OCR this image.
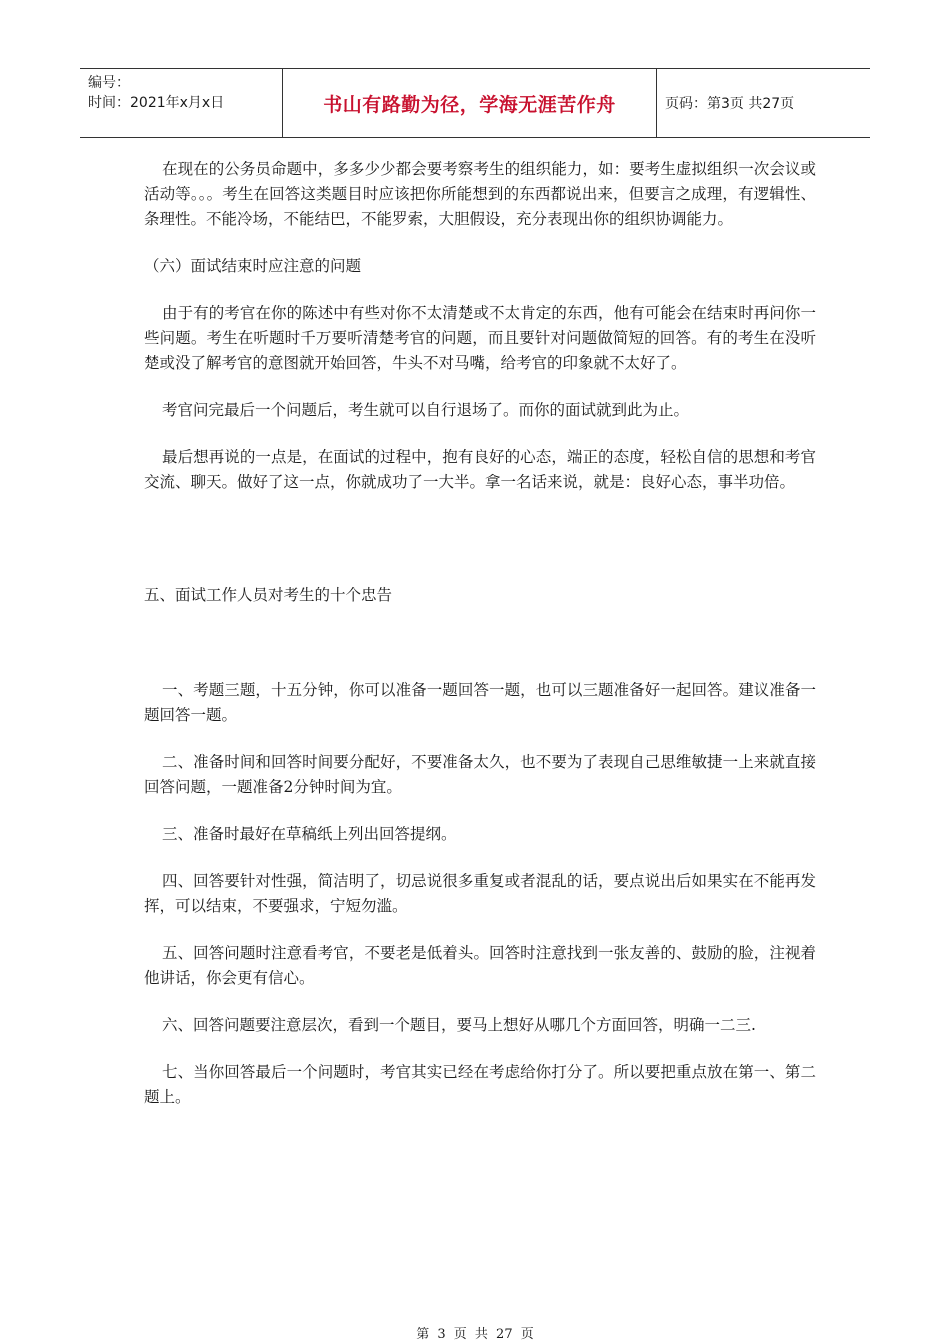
编号：
时间：2021年x月x日	书山有路勤为径，学海无涯苦作舟	页码：第3页 共27页

在现在的公务员命题中，多多少少都会要考察考生的组织能力，如：要考生虚拟组织一次会议或活动等。。。考生在回答这类题目时应该把你所能想到的东西都说出来，但要言之成理，有逻辑性、条理性。不能冷场，不能结巴，不能罗索，大胆假设，充分表现出你的组织协调能力。

（六）面试结束时应注意的问题

由于有的考官在你的陈述中有些对你不太清楚或不太肯定的东西，他有可能会在结束时再问你一些问题。考生在听题时千万要听清楚考官的问题，而且要针对问题做简短的回答。有的考生在没听楚或没了解考官的意图就开始回答，牛头不对马嘴，给考官的印象就不太好了。

考官问完最后一个问题后，考生就可以自行退场了。而你的面试就到此为止。

最后想再说的一点是，在面试的过程中，抱有良好的心态，端正的态度，轻松自信的思想和考官交流、聊天。做好了这一点，你就成功了一大半。拿一名话来说，就是：良好心态，事半功倍。

五、面试工作人员对考生的十个忠告

一、考题三题，十五分钟，你可以准备一题回答一题，也可以三题准备好一起回答。建议准备一题回答一题。

二、准备时间和回答时间要分配好，不要准备太久，也不要为了表现自己思维敏捷一上来就直接回答问题，一题准备2分钟时间为宜。

三、准备时最好在草稿纸上列出回答提纲。

四、回答要针对性强，简洁明了，切忌说很多重复或者混乱的话，要点说出后如果实在不能再发挥，可以结束，不要强求，宁短勿滥。

五、回答问题时注意看考官，不要老是低着头。回答时注意找到一张友善的、鼓励的脸，注视着他讲话，你会更有信心。

六、回答问题要注意层次，看到一个题目，要马上想好从哪几个方面回答，明确一二三.

七、当你回答最后一个问题时，考官其实已经在考虑给你打分了。所以要把重点放在第一、第二题上。

第 3 页 共 27 页
